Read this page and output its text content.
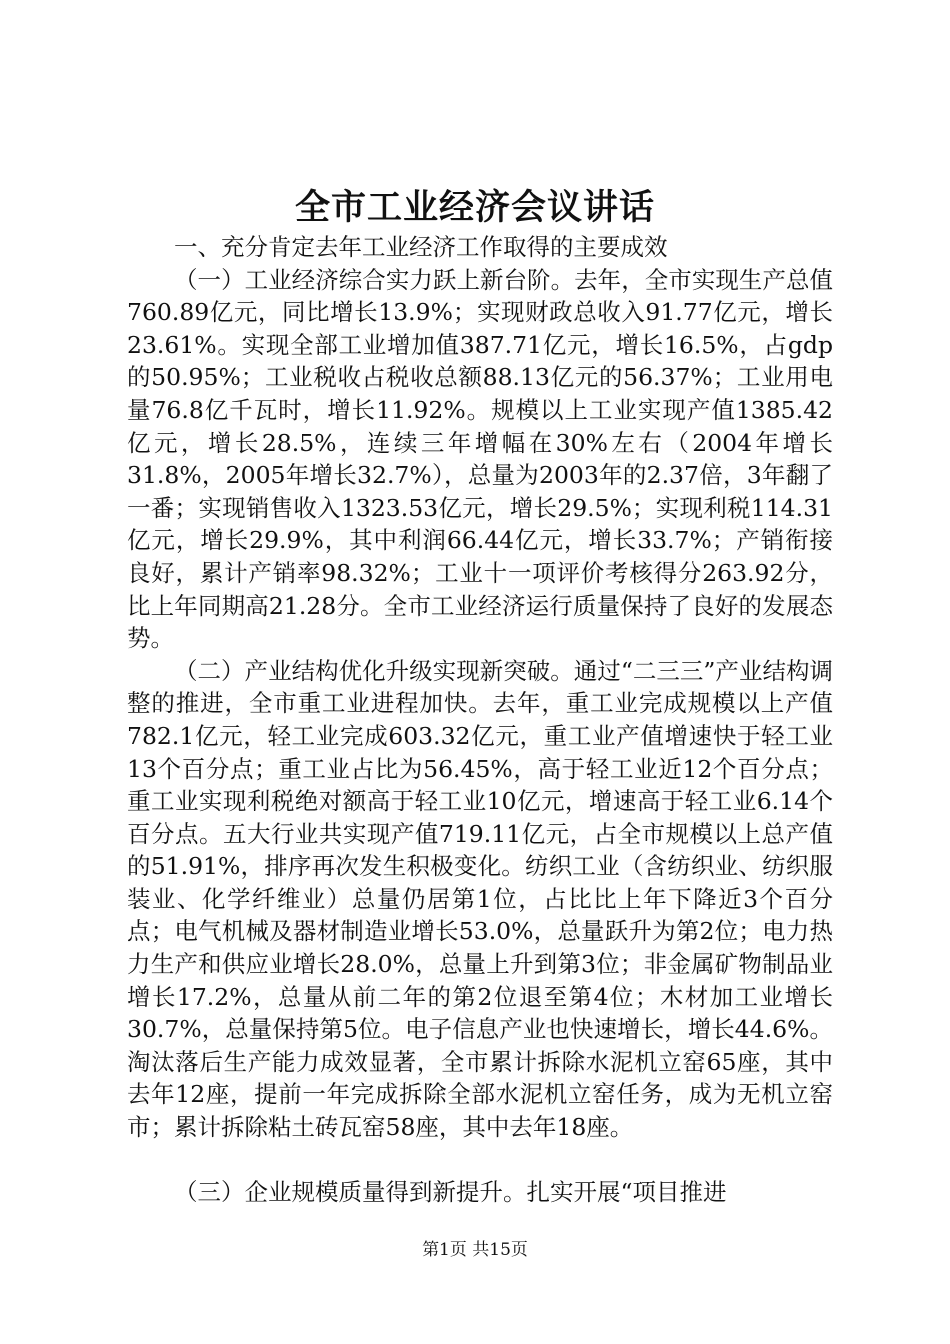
全市工业经济会议讲话

一、充分肯定去年工业经济工作取得的主要成效

（一）工业经济综合实力跃上新台阶。去年，全市实现生产总值760.89亿元，同比增长13.9%；实现财政总收入91.77亿元，增长23.61%。实现全部工业增加值387.71亿元，增长16.5%，占gdp的50.95%；工业税收占税收总额88.13亿元的56.37%；工业用电量76.8亿千瓦时，增长11.92%。规模以上工业实现产值1385.42亿元，增长28.5%，连续三年增幅在30%左右（2004年增长31.8%，2005年增长32.7%），总量为2003年的2.37倍，3年翻了一番；实现销售收入1323.53亿元，增长29.5%；实现利税114.31亿元，增长29.9%，其中利润66.44亿元，增长33.7%；产销衔接良好，累计产销率98.32%；工业十一项评价考核得分263.92分，比上年同期高21.28分。全市工业经济运行质量保持了良好的发展态势。

（二）产业结构优化升级实现新突破。通过“二三三”产业结构调整的推进，全市重工业进程加快。去年，重工业完成规模以上产值782.1亿元，轻工业完成603.32亿元，重工业产值增速快于轻工业13个百分点；重工业占比为56.45%，高于轻工业近12个百分点；重工业实现利税绝对额高于轻工业10亿元，增速高于轻工业6.14个百分点。五大行业共实现产值719.11亿元，占全市规模以上总产值的51.91%，排序再次发生积极变化。纺织工业（含纺织业、纺织服装业、化学纤维业）总量仍居第1位，占比比上年下降近3个百分点；电气机械及器材制造业增长53.0%，总量跃升为第2位；电力热力生产和供应业增长28.0%，总量上升到第3位；非金属矿物制品业增长17.2%，总量从前二年的第2位退至第4位；木材加工业增长30.7%，总量保持第5位。电子信息产业也快速增长，增长44.6%。淘汰落后生产能力成效显著，全市累计拆除水泥机立窑65座，其中去年12座，提前一年完成拆除全部水泥机立窑任务，成为无机立窑市；累计拆除粘土砖瓦窑58座，其中去年18座。

（三）企业规模质量得到新提升。扎实开展“项目推进

第1页 共15页
